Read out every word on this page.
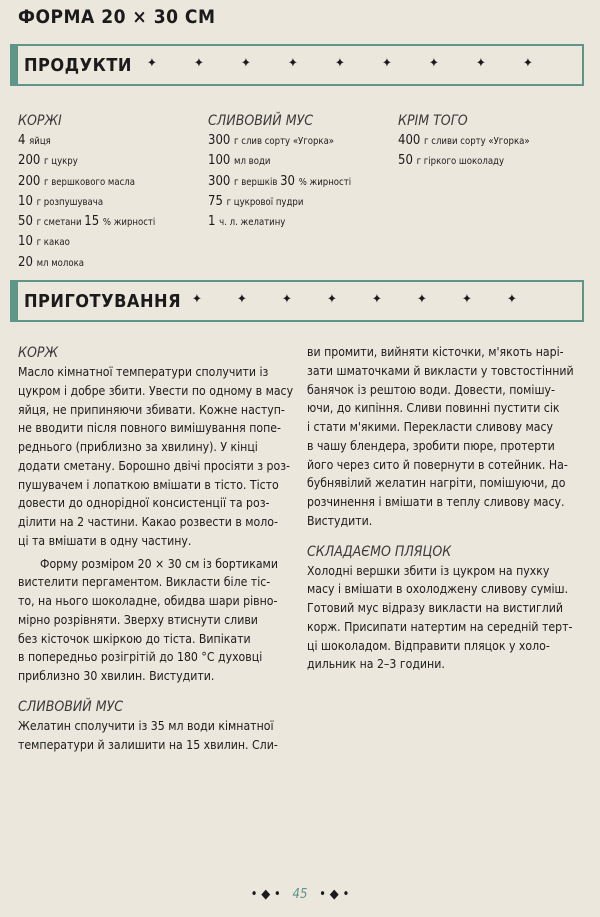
ФОРМА 20 × 30 СМ
ПРОДУКТИ ✦	✦	✦	✦	✦	✦	✦	✦	✦
КОРЖІ
4 яйця
200 г цукру
200 г вершкового масла
10 г розпушувача
50 г сметани 15 % жирності
10 г какао
20 мл молока
СЛИВОВИЙ МУС
300 г слив сорту «Угорка»
100 мл води
300 г вершків 30 % жирності
75 г цукрової пудри
1 ч. л. желатину
КРІМ ТОГО
400 г сливи сорту «Угорка»
50 г гіркого шоколаду
ПРИГОТУВАННЯ ✦	✦	✦	✦	✦	✦	✦	✦
КОРЖ
Масло кімнатної температури сполучити із
цукром і добре збити. Увести по одному в масу
яйця, не припиняючи збивати. Кожне наступ-
не вводити після повного вимішування попе-
реднього (приблизно за хвилину). У кінці
додати сметану. Борошно двічі просіяти з роз-
пушувачем і лопаткою вмішати в тісто. Тісто
довести до однорідної консистенції та роз-
ділити на 2 частини. Какао розвести в моло-
ці та вмішати в одну частину.
Форму розміром 20 × 30 см із бортиками
вистелити пергаментом. Викласти біле тіс-
то, на нього шоколадне, обидва шари рівно-
мірно розрівняти. Зверху втиснути сливи
без кісточок шкіркою до тіста. Випікати
в попередньо розігрітій до 180 °С духовці
приблизно 30 хвилин. Вистудити.
СЛИВОВИЙ МУС
Желатин сполучити із 35 мл води кімнатної
температури й залишити на 15 хвилин. Сли-
ви промити, вийняти кісточки, м'якоть нарі-
зати шматочками й викласти у товстостінний
банячок із рештою води. Довести, помішу-
ючи, до кипіння. Сливи повинні пустити сік
і стати м'якими. Перекласти сливову масу
в чашу блендера, зробити пюре, протерти
його через сито й повернути в сотейник. На-
бубнявілий желатин нагріти, помішуючи, до
розчинення і вмішати в теплу сливову масу.
Вистудити.
СКЛАДАЄМО ПЛЯЦОК
Холодні вершки збити із цукром на пухку
масу і вмішати в охолоджену сливову суміш.
Готовий мус відразу викласти на вистиглий
корж. Присипати натертим на середній терт-
ці шоколадом. Відправити пляцок у холо-
дильник на 2–3 години.
• ◆ • 45 • ◆ •
